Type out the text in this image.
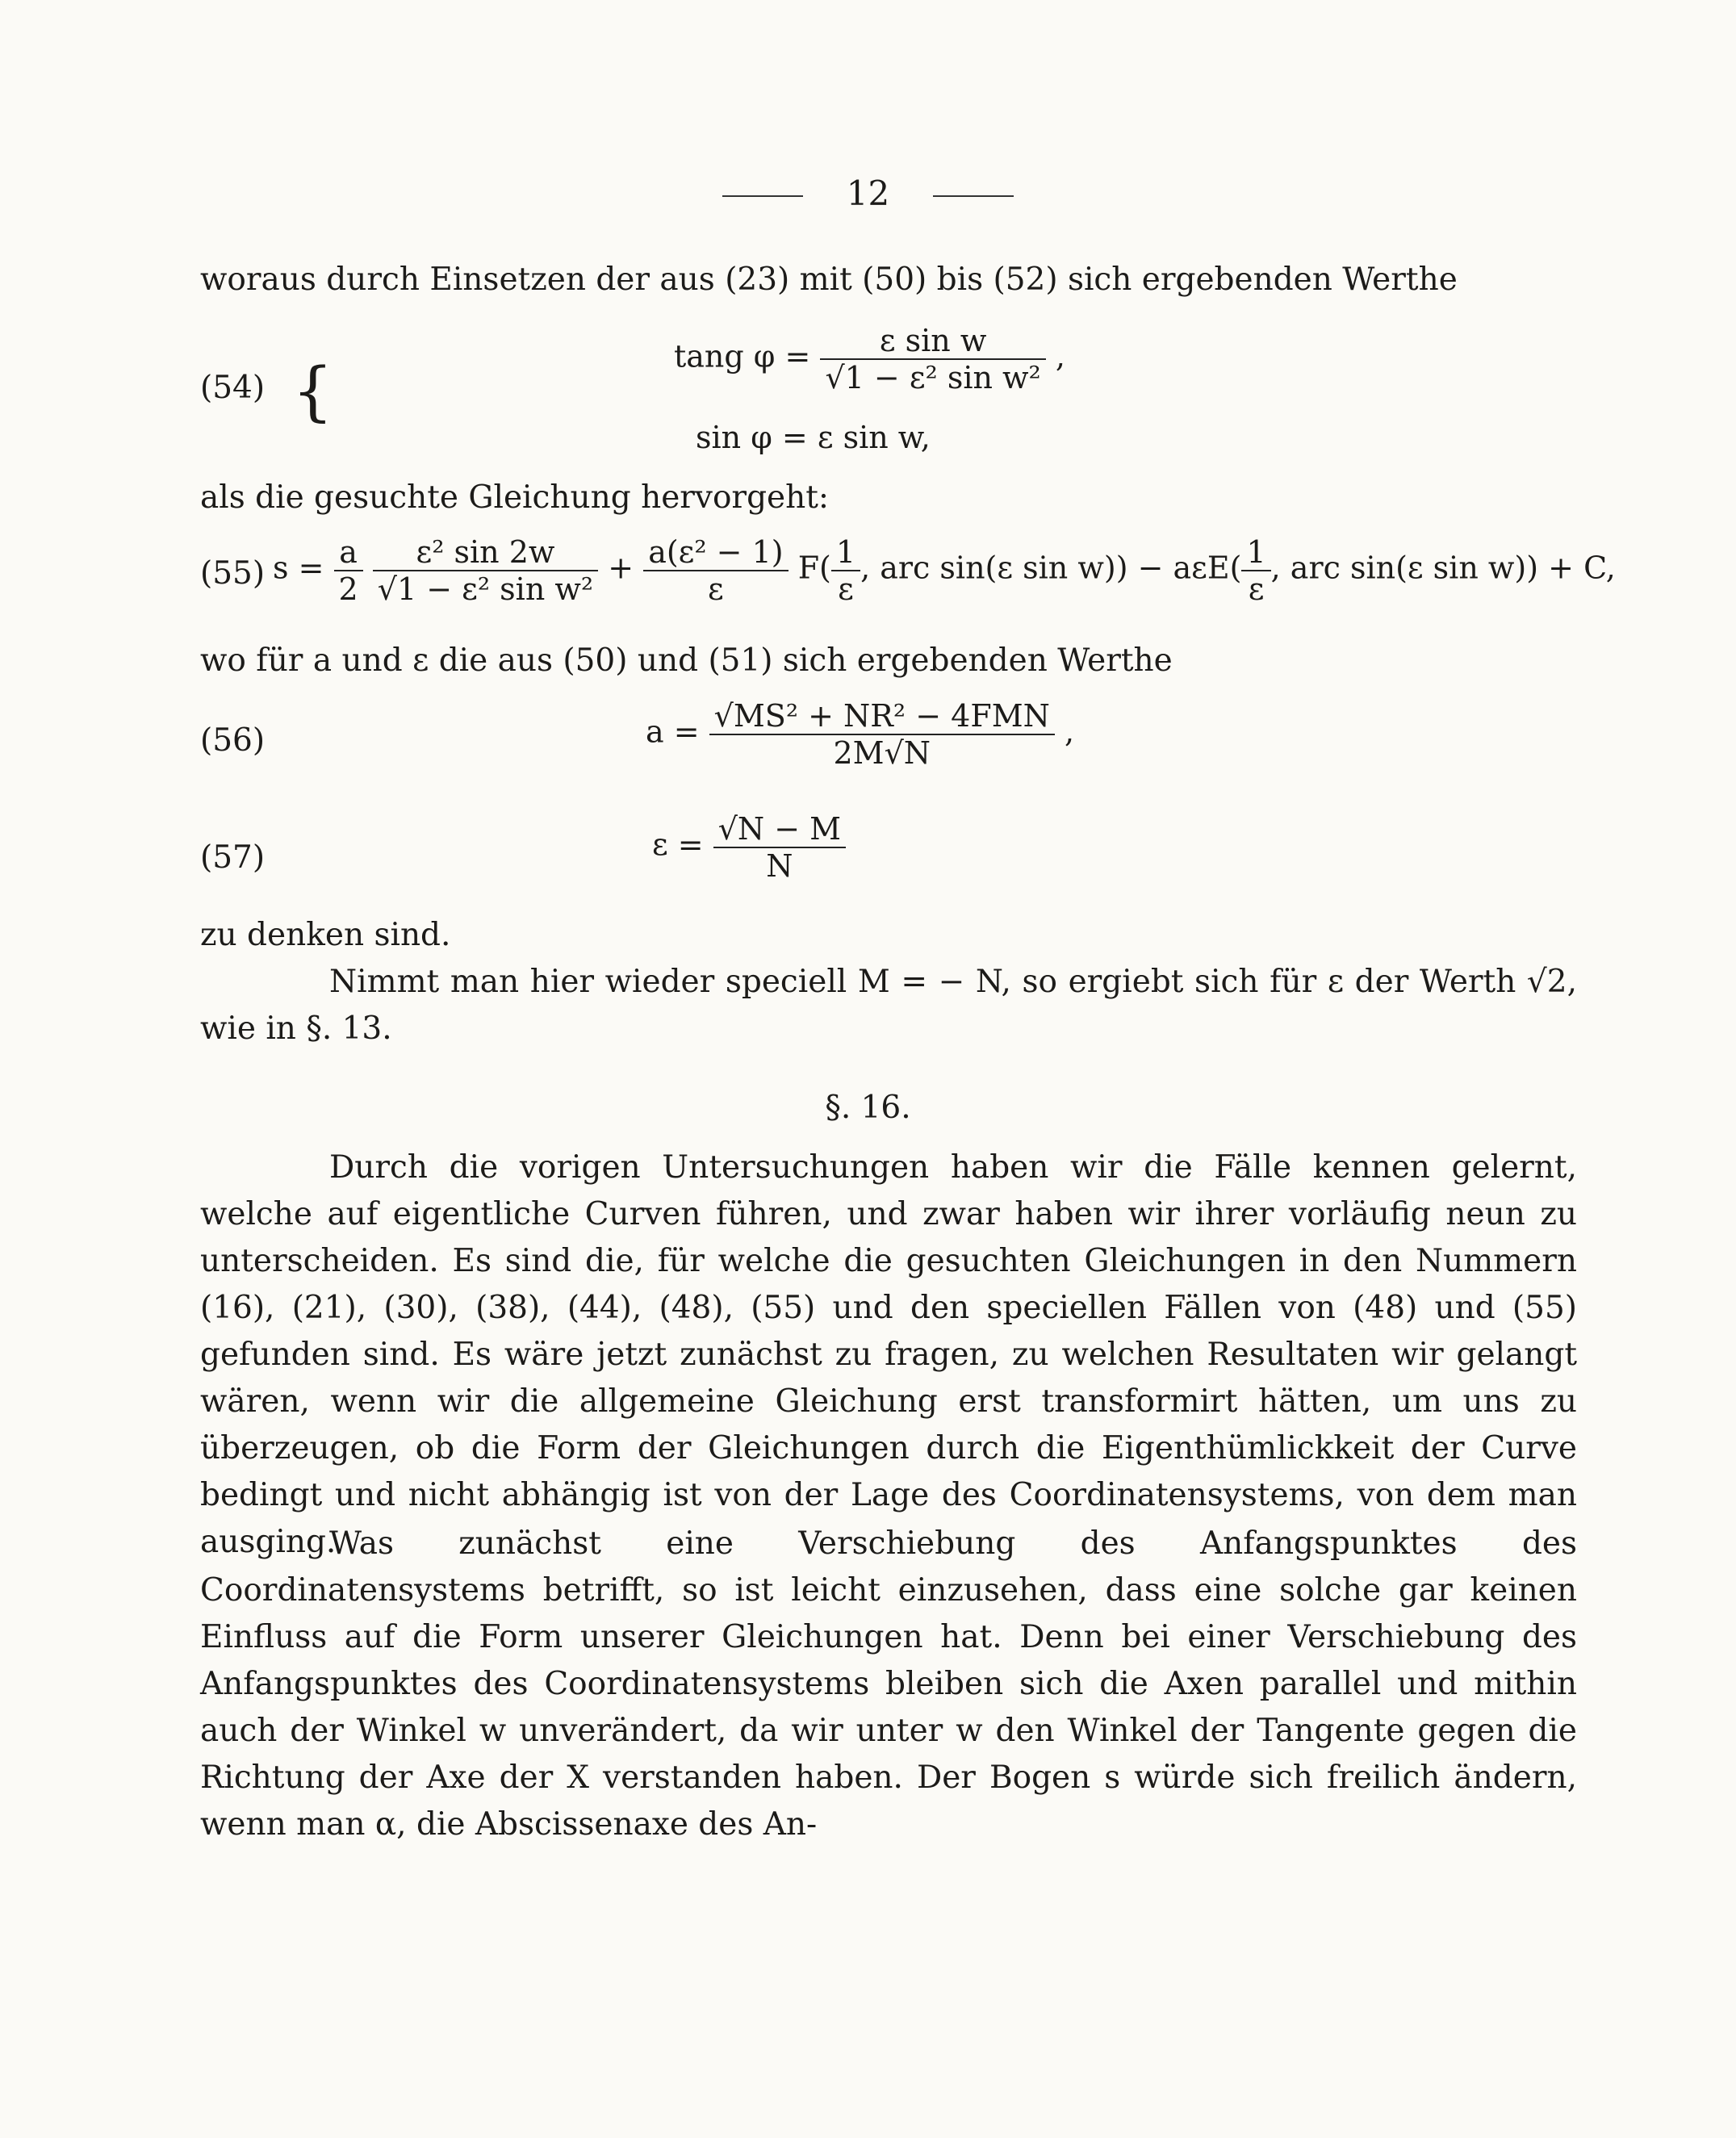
12
woraus durch Einsetzen der aus (23) mit (50) bis (52) sich ergebenden Werthe
(54) {	tang $\varphi = \frac{\text{ε sin w}}{\text{√1 − ε² sin w²}}$ ,
sin φ = ε sin w,
als die gesuchte Gleichung hervorgeht:
(55) $s = \frac{a}{2}$
$\frac{\text{ε² sin 2w}}{\text{√1 − ε² sin w²}} + \frac{\text{a(ε² − 1)}}{\varepsilon} F( \frac{1}{\varepsilon}$ , arc sin(ε $\sin w)) - a\varepsilon E( \frac{1}{\varepsilon}$ , arc sin(ε sin w)) + C,
wo für a und ε die aus (50) und (51) sich ergebenden Werthe
(56)	$a = \frac{\text{√MS² + NR² − 4FMN}}{2M√N}$ ,
(57)	$\varepsilon = \frac{√N - M}{N}$
zu denken sind.
Nimmt man hier wieder speciell M = − N, so ergiebt sich für ε der Werth √2, wie in §. 13.
§. 16.
Durch die vorigen Untersuchungen haben wir die Fälle kennen gelernt, welche auf eigentliche Curven führen, und zwar haben wir ihrer vorläufig neun zu unterscheiden. Es sind die, für welche die gesuchten Gleichungen in den Nummern (16), (21), (30), (38), (44), (48), (55) und den speciellen Fällen von (48) und (55) gefunden sind. Es wäre jetzt zunächst zu fragen, zu welchen Resultaten wir gelangt wären, wenn wir die allgemeine Gleichung erst transformirt hätten, um uns zu überzeugen, ob die Form der Gleichungen durch die Eigenthümlickkeit der Curve bedingt und nicht abhängig ist von der Lage des Coordinatensystems, von dem man ausging.
Was zunächst eine Verschiebung des Anfangspunktes des Coordinatensystems betrifft, so ist leicht einzusehen, dass eine solche gar keinen Einfluss auf die Form unserer Gleichungen hat. Denn bei einer Verschiebung des Anfangspunktes des Coordinatensystems bleiben sich die Axen parallel und mithin auch der Winkel w unverändert, da wir unter w den Winkel der Tangente gegen die Richtung der Axe der X verstanden haben. Der Bogen s würde sich freilich ändern, wenn man α, die Abscissenaxe des An-
